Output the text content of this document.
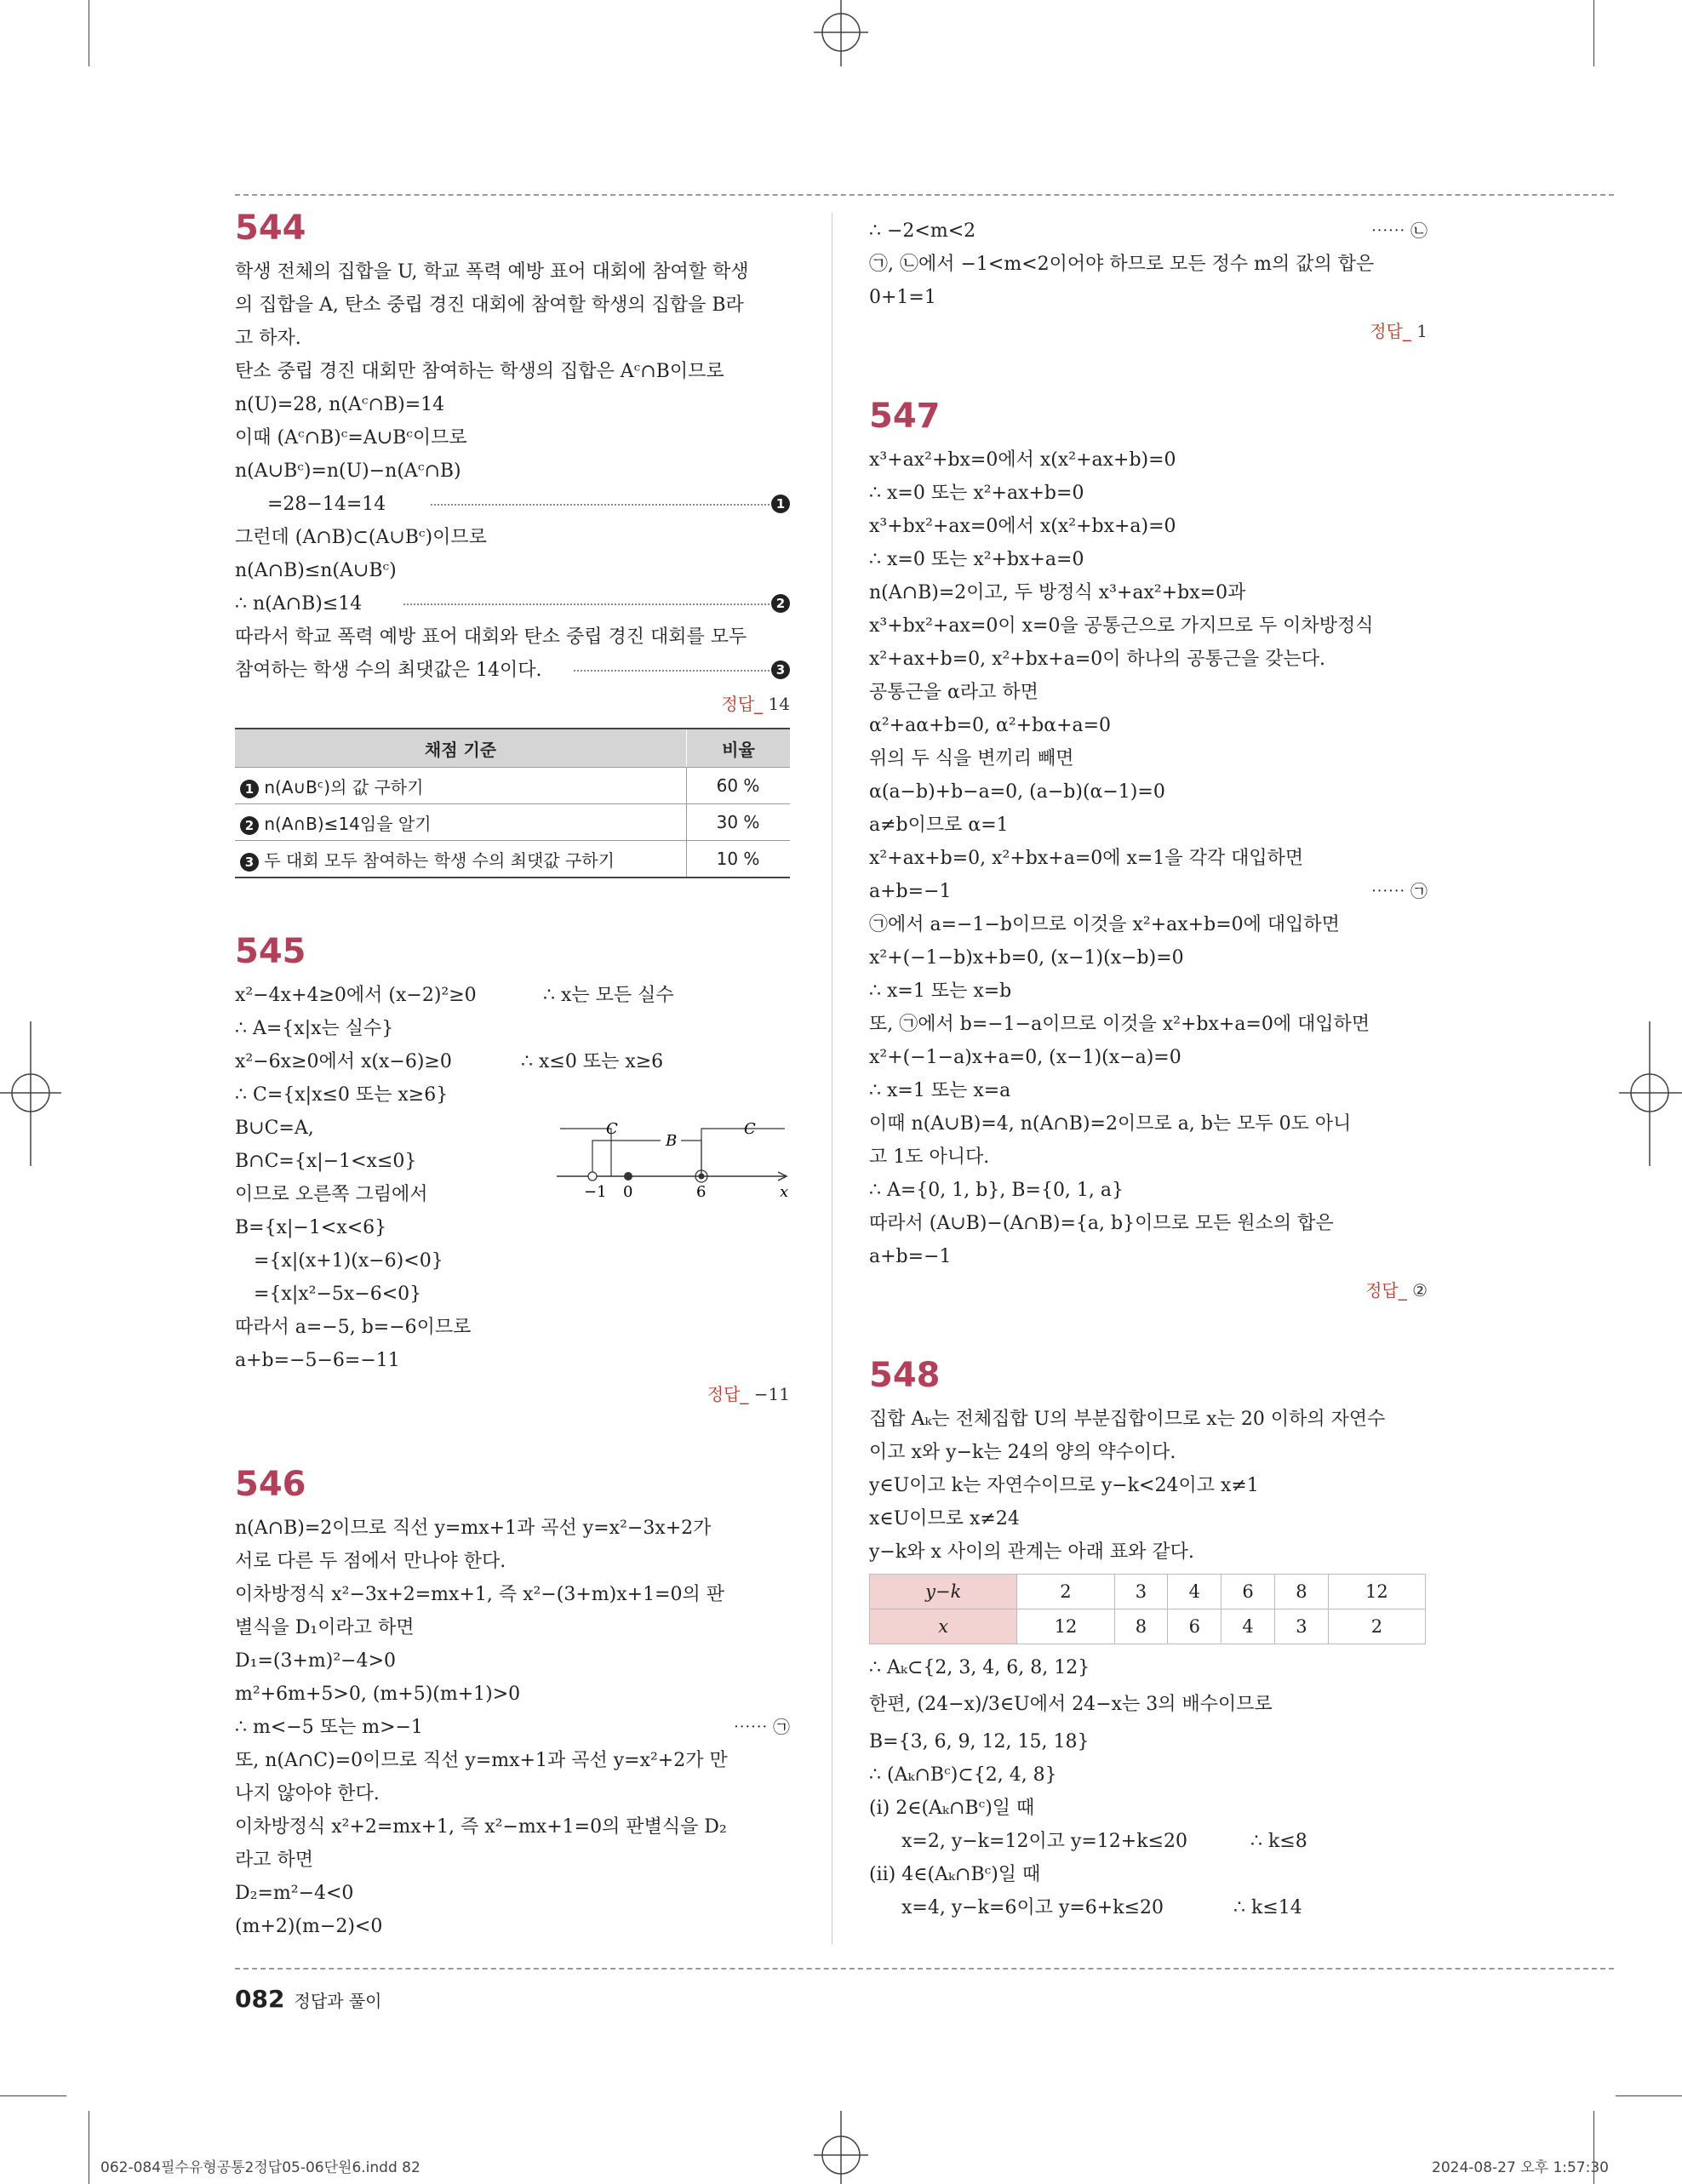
544
학생 전체의 집합을 U, 학교 폭력 예방 표어 대회에 참여할 학생
의 집합을 A, 탄소 중립 경진 대회에 참여할 학생의 집합을 B라
고 하자.
탄소 중립 경진 대회만 참여하는 학생의 집합은 Aᶜ∩B이므로
n(U)=28, n(Aᶜ∩B)=14
이때 (Aᶜ∩B)ᶜ=A∪Bᶜ이므로
n(A∪Bᶜ)=n(U)−n(Aᶜ∩B)
=28−14=14	1
그런데 (A∩B)⊂(A∪Bᶜ)이므로
n(A∩B)≤n(A∪Bᶜ)
∴ n(A∩B)≤14	2
따라서 학교 폭력 예방 표어 대회와 탄소 중립 경진 대회를 모두
참여하는 학생 수의 최댓값은 14이다.	3
정답_ 14
채점 기준	비율
1 n(A∪Bᶜ)의 값 구하기	60 %
2 n(A∩B)≤14임을 알기	30 %
3 두 대회 모두 참여하는 학생 수의 최댓값 구하기	10 %
545
x²−4x+4≥0에서 (x−2)²≥0	∴ x는 모든 실수
∴ A={x|x는 실수}
x²−6x≥0에서 x(x−6)≥0	∴ x≤0 또는 x≥6
∴ C={x|x≤0 또는 x≥6}
B∪C=A,
B∩C={x|−1<x≤0}
이므로 오른쪽 그림에서
C
B
C
−1 0	6	x
B={x|−1<x<6}
={x|(x+1)(x−6)<0}
={x|x²−5x−6<0}
따라서 a=−5, b=−6이므로
a+b=−5−6=−11
정답_ −11
546
n(A∩B)=2이므로 직선 y=mx+1과 곡선 y=x²−3x+2가
서로 다른 두 점에서 만나야 한다.
이차방정식 x²−3x+2=mx+1, 즉 x²−(3+m)x+1=0의 판
별식을 D₁이라고 하면
D₁=(3+m)²−4>0
m²+6m+5>0, (m+5)(m+1)>0
∴ m<−5 또는 m>−1	⋯⋯ ㉠
또, n(A∩C)=0이므로 직선 y=mx+1과 곡선 y=x²+2가 만
나지 않아야 한다.
이차방정식 x²+2=mx+1, 즉 x²−mx+1=0의 판별식을 D₂
라고 하면
D₂=m²−4<0
(m+2)(m−2)<0
∴ −2<m<2	⋯⋯ ㉡
㉠, ㉡에서 −1<m<2이어야 하므로 모든 정수 m의 값의 합은
0+1=1
정답_ 1
547
x³+ax²+bx=0에서 x(x²+ax+b)=0
∴ x=0 또는 x²+ax+b=0
x³+bx²+ax=0에서 x(x²+bx+a)=0
∴ x=0 또는 x²+bx+a=0
n(A∩B)=2이고, 두 방정식 x³+ax²+bx=0과
x³+bx²+ax=0이 x=0을 공통근으로 가지므로 두 이차방정식
x²+ax+b=0, x²+bx+a=0이 하나의 공통근을 갖는다.
공통근을 α라고 하면
α²+aα+b=0, α²+bα+a=0
위의 두 식을 변끼리 빼면
α(a−b)+b−a=0, (a−b)(α−1)=0
a≠b이므로 α=1
x²+ax+b=0, x²+bx+a=0에 x=1을 각각 대입하면
a+b=−1	⋯⋯ ㉠
㉠에서 a=−1−b이므로 이것을 x²+ax+b=0에 대입하면
x²+(−1−b)x+b=0, (x−1)(x−b)=0
∴ x=1 또는 x=b
또, ㉠에서 b=−1−a이므로 이것을 x²+bx+a=0에 대입하면
x²+(−1−a)x+a=0, (x−1)(x−a)=0
∴ x=1 또는 x=a
이때 n(A∪B)=4, n(A∩B)=2이므로 a, b는 모두 0도 아니
고 1도 아니다.
∴ A={0, 1, b}, B={0, 1, a}
따라서 (A∪B)−(A∩B)={a, b}이므로 모든 원소의 합은
a+b=−1
정답_ ②
548
집합 Aₖ는 전체집합 U의 부분집합이므로 x는 20 이하의 자연수
이고 x와 y−k는 24의 양의 약수이다.
y∈U이고 k는 자연수이므로 y−k<24이고 x≠1
x∈U이므로 x≠24
y−k와 x 사이의 관계는 아래 표와 같다.
y−k	2	3	4	6	8	12
x	12	8	6	4	3	2
∴ Aₖ⊂{2, 3, 4, 6, 8, 12}
한편, (24−x)/3∈U에서 24−x는 3의 배수이므로
B={3, 6, 9, 12, 15, 18}
∴ (Aₖ∩Bᶜ)⊂{2, 4, 8}
(ⅰ) 2∈(Aₖ∩Bᶜ)일 때
x=2, y−k=12이고 y=12+k≤20	∴ k≤8
(ⅱ) 4∈(Aₖ∩Bᶜ)일 때
x=4, y−k=6이고 y=6+k≤20	∴ k≤14
082 정답과 풀이
062-084필수유형공통2정답05-06단원6.indd 82	2024-08-27 오후 1:57:30
